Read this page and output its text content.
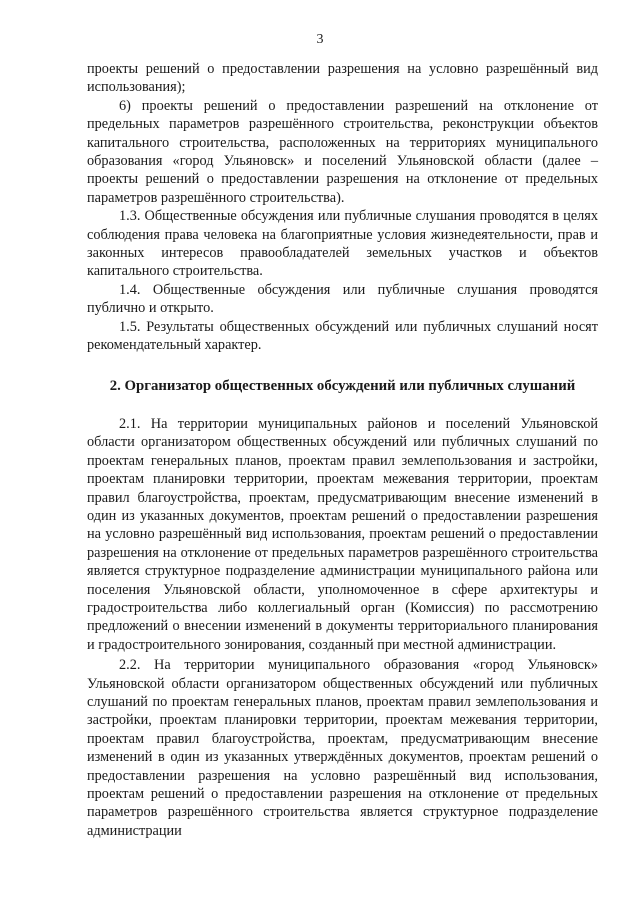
3

проекты решений о предоставлении разрешения на условно разрешённый вид использования);

6) проекты решений о предоставлении разрешений на отклонение от предельных параметров разрешённого строительства, реконструкции объектов капитального строительства, расположенных на территориях муниципального образования «город Ульяновск» и поселений Ульяновской области (далее – проекты решений о предоставлении разрешения на отклонение от предельных параметров разрешённого строительства).

1.3. Общественные обсуждения или публичные слушания проводятся в целях соблюдения права человека на благоприятные условия жизнедеятельности, прав и законных интересов правообладателей земельных участков и объектов капитального строительства.

1.4. Общественные обсуждения или публичные слушания проводятся публично и открыто.

1.5. Результаты общественных обсуждений или публичных слушаний носят рекомендательный характер.

2. Организатор общественных обсуждений или публичных слушаний

2.1. На территории муниципальных районов и поселений Ульяновской области организатором общественных обсуждений или публичных слушаний по проектам генеральных планов, проектам правил землепользования и застройки, проектам планировки территории, проектам межевания территории, проектам правил благоустройства, проектам, предусматривающим внесение изменений в один из указанных документов, проектам решений о предоставлении разрешения на условно разрешённый вид использования, проектам решений о предоставлении разрешения на отклонение от предельных параметров разрешённого строительства является структурное подразделение администрации муниципального района или поселения Ульяновской области, уполномоченное в сфере архитектуры и градостроительства либо коллегиальный орган (Комиссия) по рассмотрению предложений о внесении изменений в документы территориального планирования и градостроительного зонирования, созданный при местной администрации.

2.2. На территории муниципального образования «город Ульяновск» Ульяновской области организатором общественных обсуждений или публичных слушаний по проектам генеральных планов, проектам правил землепользования и застройки, проектам планировки территории, проектам межевания территории, проектам правил благоустройства, проектам, предусматривающим внесение изменений в один из указанных утверждённых документов, проектам решений о предоставлении разрешения на условно разрешённый вид использования, проектам решений о предоставлении разрешения на отклонение от предельных параметров разрешённого строительства является структурное подразделение администрации
